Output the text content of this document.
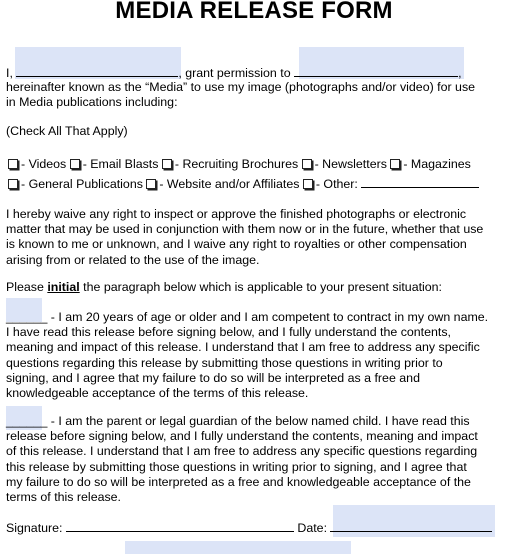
MEDIA RELEASE FORM
I,	, grant permission to	,
hereinafter known as the “Media” to use my image (photographs and/or video) for use
in Media publications including:
(Check All That Apply)
- Videos - Email Blasts - Recruiting Brochures - Newsletters - Magazines
- General Publications - Website and/or Affiliates - Other:
I hereby waive any right to inspect or approve the finished photographs or electronic
matter that may be used in conjunction with them now or in the future, whether that use
is known to me or unknown, and I waive any right to royalties or other compensation
arising from or related to the use of the image.
Please initial the paragraph below which is applicable to your present situation:
______ - I am 20 years of age or older and I am competent to contract in my own name.
I have read this release before signing below, and I fully understand the contents,
meaning and impact of this release. I understand that I am free to address any specific
questions regarding this release by submitting those questions in writing prior to
signing, and I agree that my failure to do so will be interpreted as a free and
knowledgeable acceptance of the terms of this release.
______ - I am the parent or legal guardian of the below named child. I have read this
release before signing below, and I fully understand the contents, meaning and impact
of this release. I understand that I am free to address any specific questions regarding
this release by submitting those questions in writing prior to signing, and I agree that
my failure to do so will be interpreted as a free and knowledgeable acceptance of the
terms of this release.
Signature:	Date:
